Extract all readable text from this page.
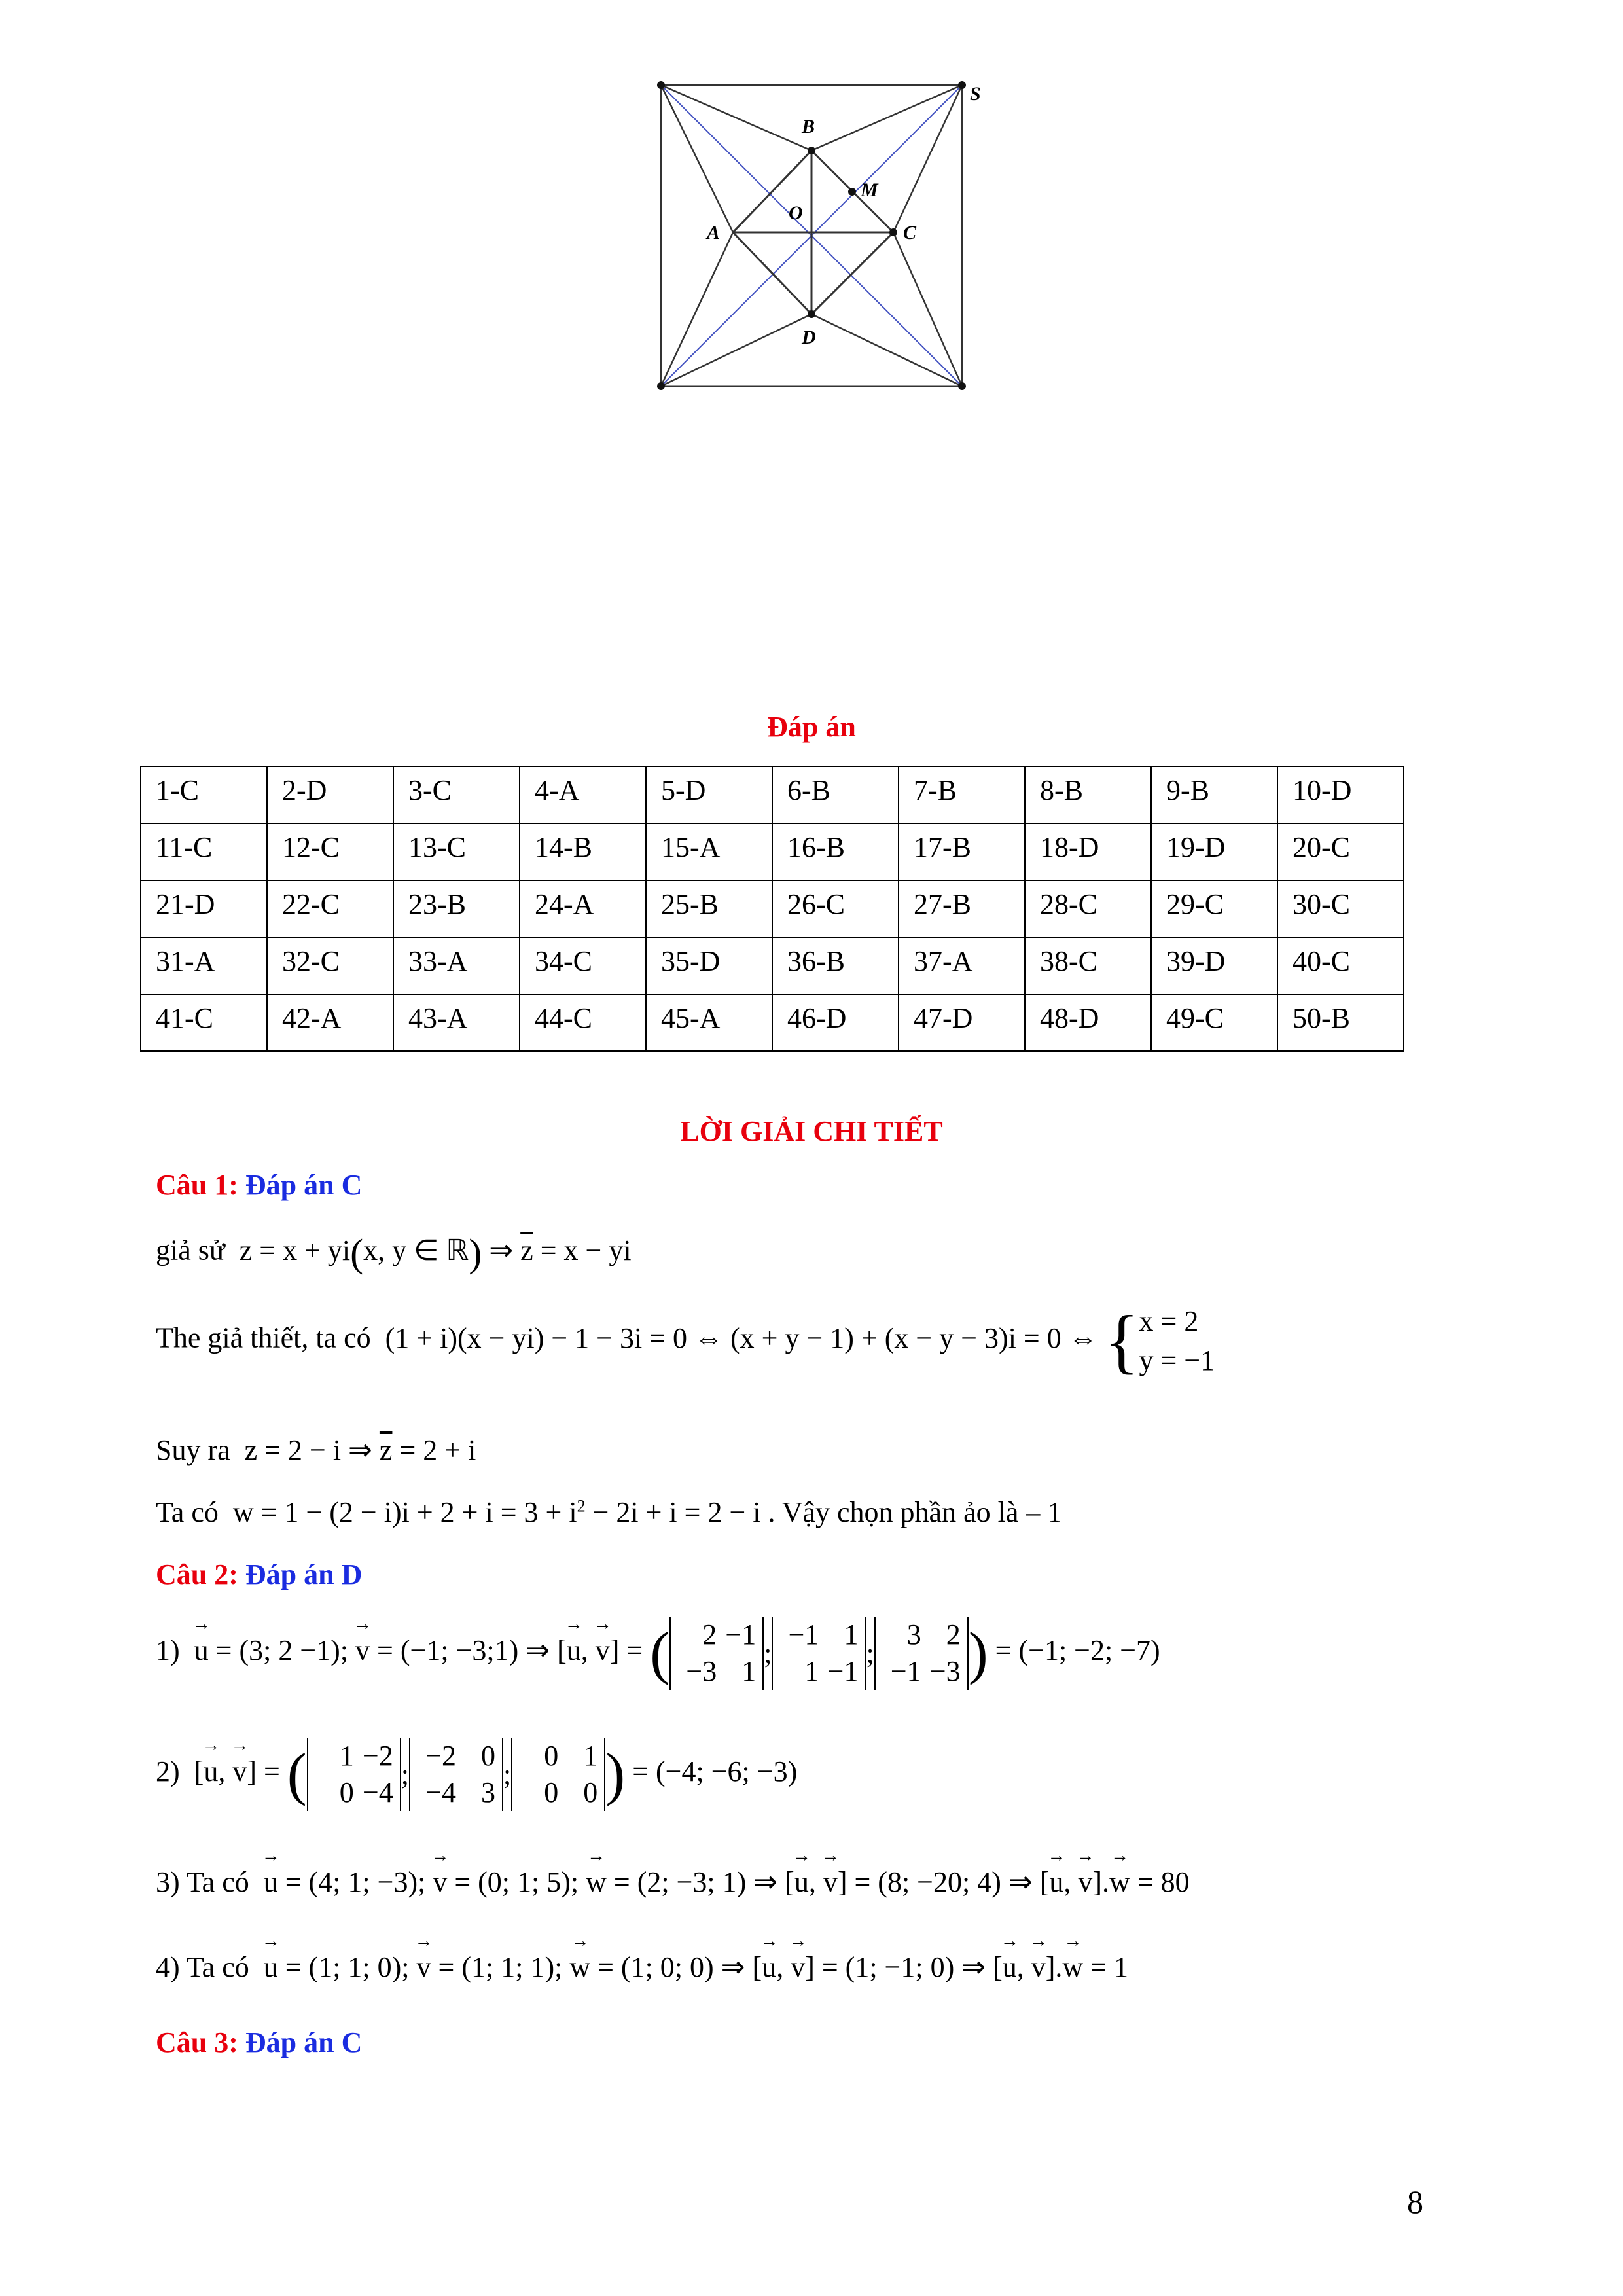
B
S
M
A
O
C
D
Đáp án
1-C	2-D	3-C	4-A	5-D	6-B	7-B	8-B	9-B	10-D
11-C	12-C	13-C	14-B	15-A	16-B	17-B	18-D	19-D	20-C
21-D	22-C	23-B	24-A	25-B	26-C	27-B	28-C	29-C	30-C
31-A	32-C	33-A	34-C	35-D	36-B	37-A	38-C	39-D	40-C
41-C	42-A	43-A	44-C	45-A	46-D	47-D	48-D	49-C	50-B
LỜI GIẢI CHI TIẾT
Câu 1: Đáp án C
giả sử  z = x + yi(x, y ∈ ℝ) ⇒ $\overline{z} = x$ − yi
The giả thiết, ta có  (1 + i)(x − yi) − 1 − 3i = 0 ⇔ (x + y − 1) + (x − y − 3)i = 0 ⇔ {x = 2
y = −1
Suy ra  z = 2 − i ⇒ $\overline{z} = 2 + i$
Ta có  $w = 1 - (2 - i)i + 2 + i = 3 + i^2 - 2i + i = 2 - i$ . Vậy chọn phần ảo là – 1
Câu 2: Đáp án D
1) → u = (3; 2 −1); → v = (−1; −3;1) ⇒ [→ u, → v] = ( 2 −1
−3 1;−1 1
1 −1;3 2
−1 −3 ) = (−1; −2; −7)
2)  [→ u, → v] = ( 1 −2
0 −4;−2 0
−4 3;0 1
0 0 ) = (−4; −6; −3)
3) Ta có → u = (4; 1; −3); → v = (0; 1; 5); → w = (2; −3; 1) ⇒ [→ u, → v] = (8; −20; 4) ⇒ [→ u, → v].→ w = 80
4) Ta có → u = (1; 1; 0); → v = (1; 1; 1); → w = (1; 0; 0) ⇒ [→ u, → v] = (1; −1; 0) ⇒ [→ u, → v].→ w = 1
Câu 3: Đáp án C
8
